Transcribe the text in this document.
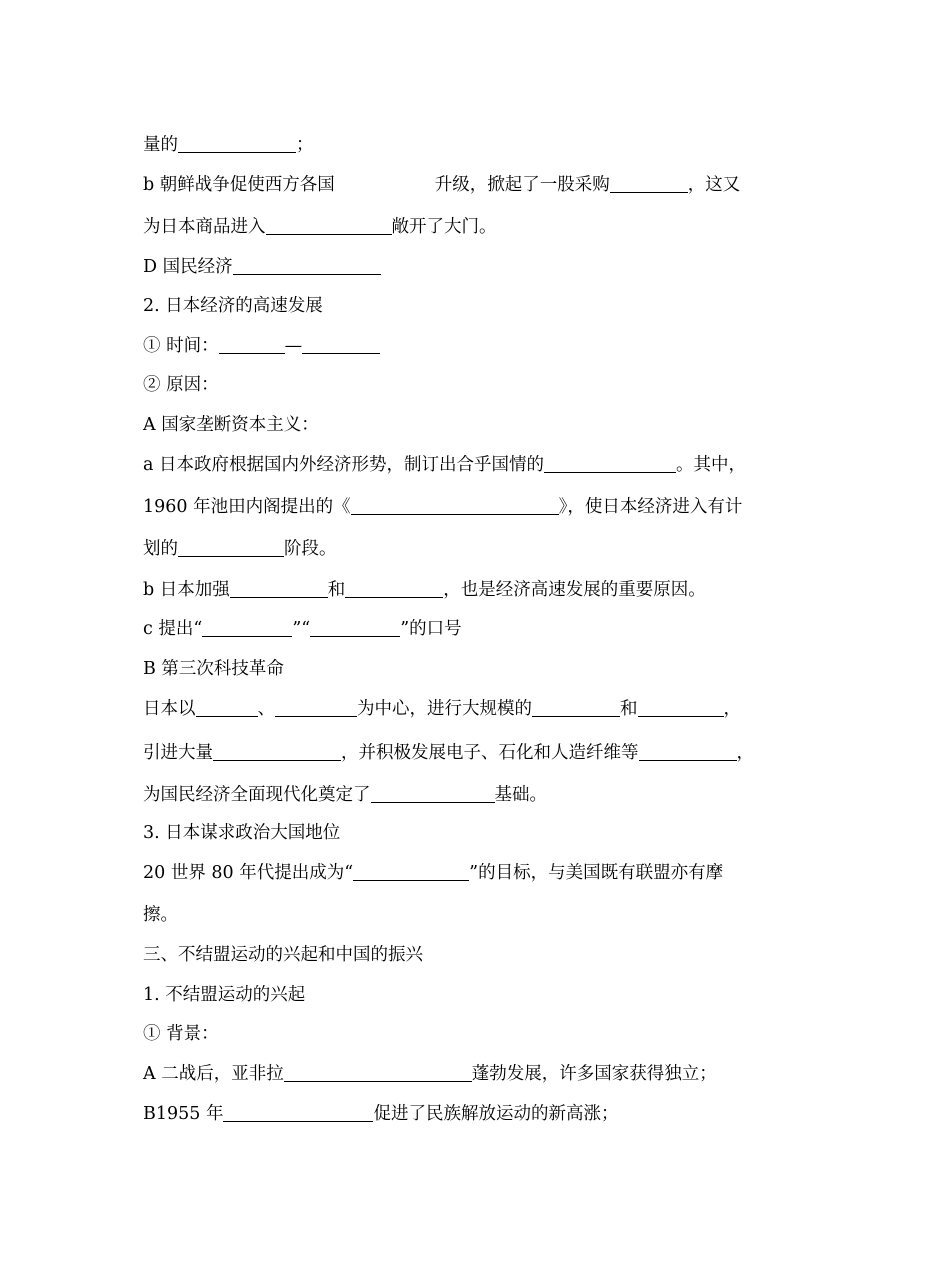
量的	；
b 朝鲜战争促使西方各国	升级，掀起了一股采购	，这又
为日本商品进入	敞开了大门。
D 国民经济
2. 日本经济的高速发展
① 时间：	—
② 原因：
A 国家垄断资本主义：
a 日本政府根据国内外经济形势，制订出合乎国情的	。其中，
1960 年池田内阁提出的《	》，使日本经济进入有计
划的	阶段。
b 日本加强	和	，也是经济高速发展的重要原因。
c 提出“	”“	”的口号
B 第三次科技革命
日本以	、	为中心，进行大规模的	和	，
引进大量	，并积极发展电子、石化和人造纤维等	，
为国民经济全面现代化奠定了	基础。
3. 日本谋求政治大国地位
20 世界 80 年代提出成为“	”的目标，与美国既有联盟亦有摩
擦。
三、不结盟运动的兴起和中国的振兴
1. 不结盟运动的兴起
① 背景：
A 二战后，亚非拉	蓬勃发展，许多国家获得独立；
B1955 年	促进了民族解放运动的新高涨；
